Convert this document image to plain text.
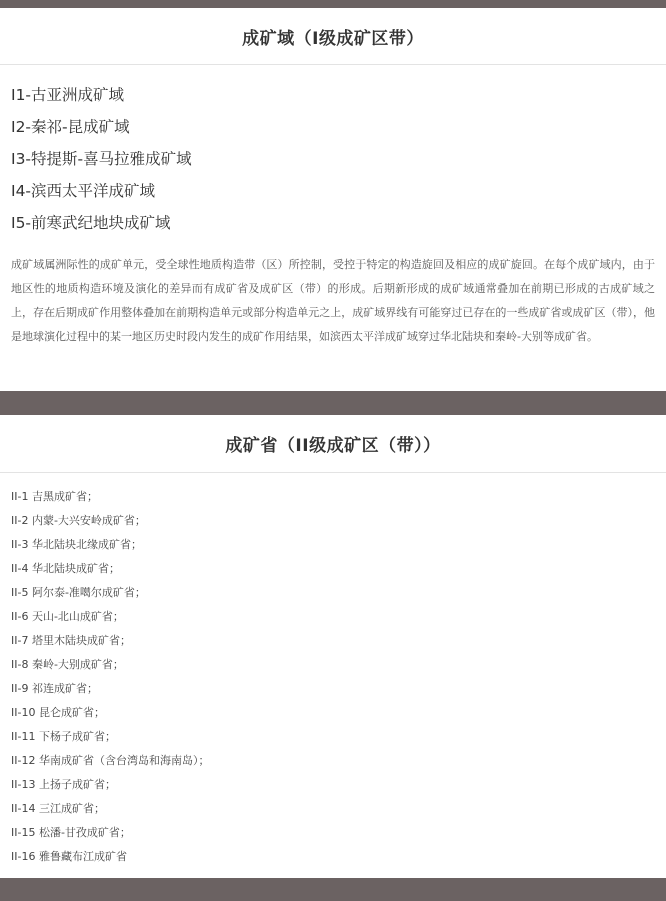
成矿域（I级成矿区带）
I1-古亚洲成矿域
I2-秦祁-昆成矿域
I3-特提斯-喜马拉雅成矿域
I4-滨西太平洋成矿域
I5-前寒武纪地块成矿域

成矿域属洲际性的成矿单元，受全球性地质构造带（区）所控制，受控于特定的构造旋回及相应的成矿旋回。在每个成矿域内，由于地区性的地质构造环境及演化的差异而有成矿省及成矿区（带）的形成。后期新形成的成矿域通常叠加在前期已形成的古成矿域之上，存在后期成矿作用整体叠加在前期构造单元或部分构造单元之上，成矿域界线有可能穿过已存在的一些成矿省或成矿区（带），他是地球演化过程中的某一地区历史时段内发生的成矿作用结果，如滨西太平洋成矿域穿过华北陆块和秦岭-大别等成矿省。

成矿省（II级成矿区（带））
II-1 吉黑成矿省；
II-2 内蒙-大兴安岭成矿省；
II-3 华北陆块北缘成矿省；
II-4 华北陆块成矿省；
II-5 阿尔泰-准噶尔成矿省；
II-6 天山-北山成矿省；
II-7 塔里木陆块成矿省；
II-8 秦岭-大别成矿省；
II-9 祁连成矿省；
II-10 昆仑成矿省；
II-11 下杨子成矿省；
II-12 华南成矿省（含台湾岛和海南岛）；
II-13 上扬子成矿省；
II-14 三江成矿省；
II-15 松潘-甘孜成矿省；
II-16 雅鲁藏布江成矿省
